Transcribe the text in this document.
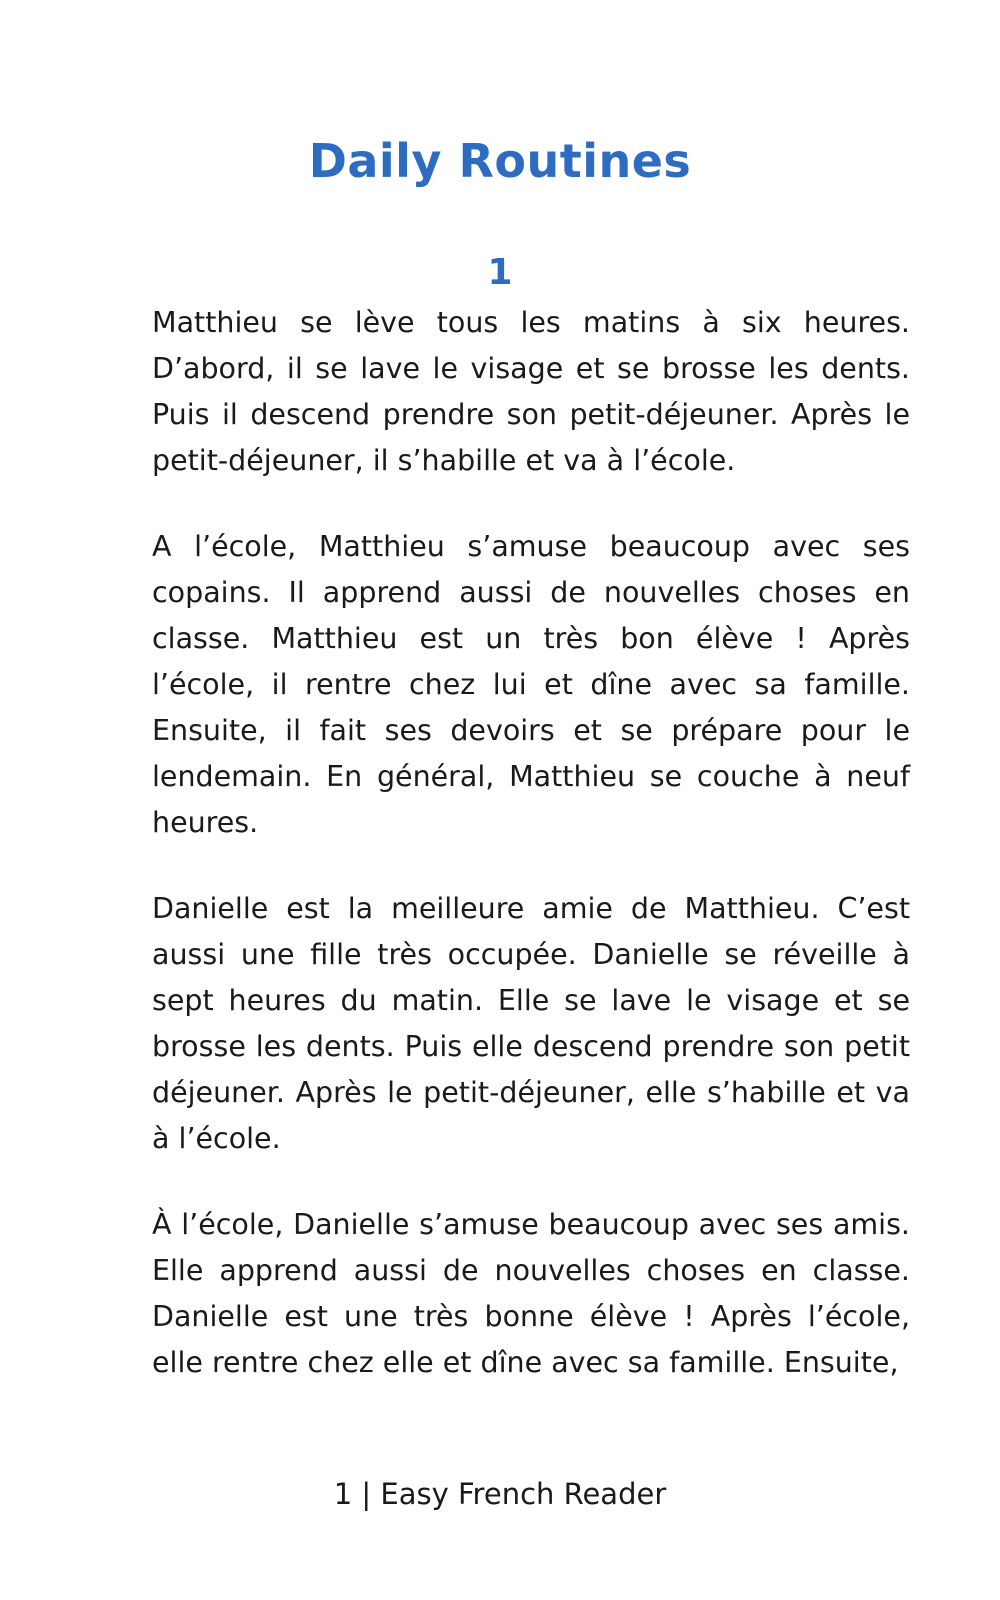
Daily Routines
1

Matthieu se lève tous les matins à six heures. D’abord, il se lave le visage et se brosse les dents. Puis il descend prendre son petit-déjeuner. Après le petit-déjeuner, il s’habille et va à l’école.

A l’école, Matthieu s’amuse beaucoup avec ses copains. Il apprend aussi de nouvelles choses en classe. Matthieu est un très bon élève ! Après l’école, il rentre chez lui et dîne avec sa famille. Ensuite, il fait ses devoirs et se prépare pour le lendemain. En général, Matthieu se couche à neuf heures.

Danielle est la meilleure amie de Matthieu. C’est aussi une fille très occupée. Danielle se réveille à sept heures du matin. Elle se lave le visage et se brosse les dents. Puis elle descend prendre son petit déjeuner. Après le petit-déjeuner, elle s’habille et va à l’école.

À l’école, Danielle s’amuse beaucoup avec ses amis. Elle apprend aussi de nouvelles choses en classe. Danielle est une très bonne élève ! Après l’école, elle rentre chez elle et dîne avec sa famille. Ensuite,

1 | Easy French Reader
